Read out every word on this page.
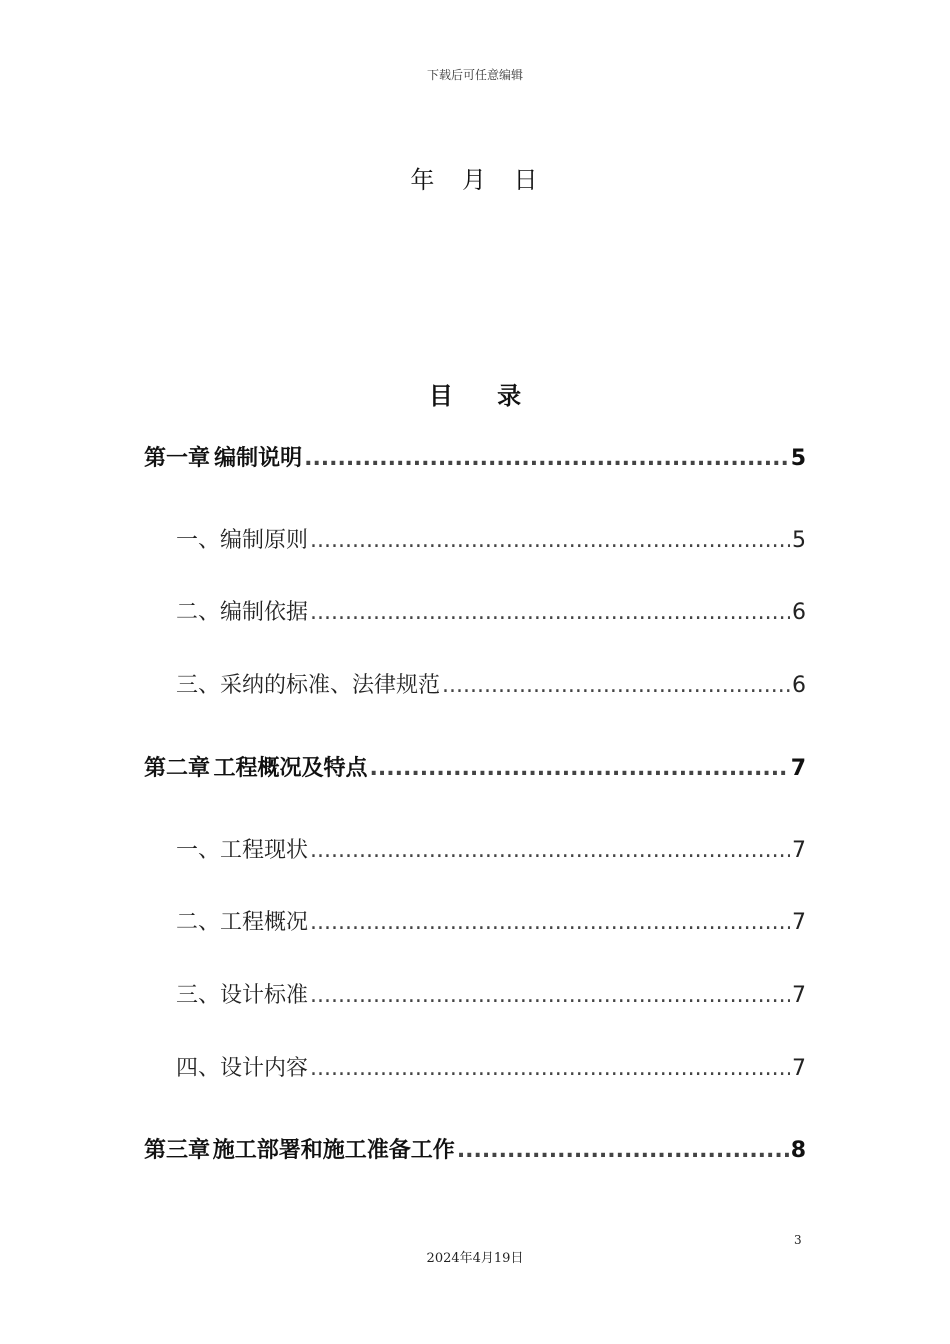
下载后可任意编辑
年 月 日
目 录
第一章 编制说明 .....	5
一、 编制原则 .....	5
二、 编制依据 .....	6
三、 采纳的标准、法律规范 .....	6
第二章 工程概况及特点 .....	7
一、 工程现状 .....	7
二、 工程概况 .....	7
三、 设计标准 .....	7
四、 设计内容 .....	7
第三章 施工部署和施工准备工作 .....	8
3
2024年4月19日
